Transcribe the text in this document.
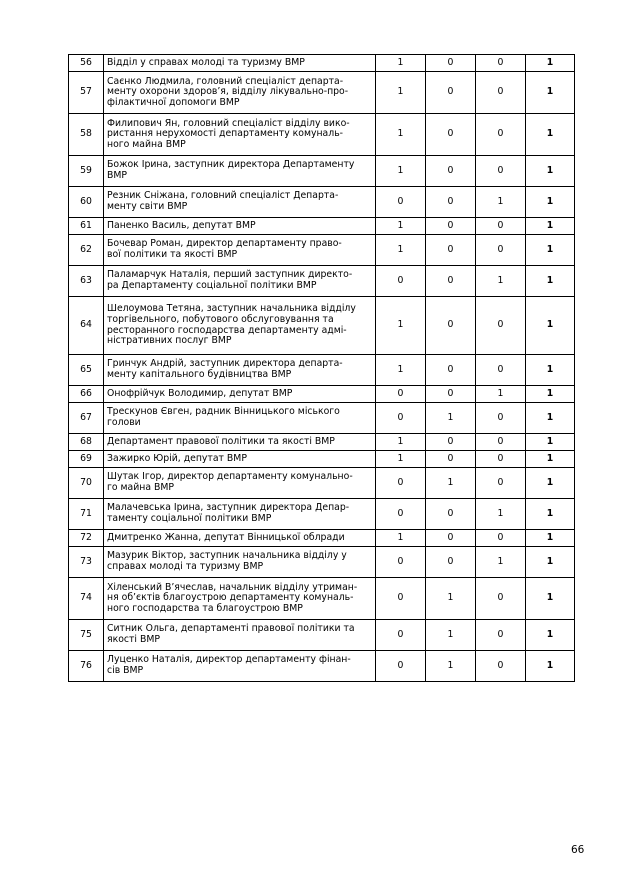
56	Відділ у справах молоді та туризму ВМР	1	0	0	1
57	Саєнко Людмила, головний спеціаліст департа-
менту охорони здоров’я, відділу лікувально-про-
філактичної допомоги ВМР	1	0	0	1
58	Филипович Ян, головний спеціаліст відділу вико-
ристання нерухомості департаменту комуналь-
ного майна ВМР	1	0	0	1
59	Божок Ірина, заступник директора Департаменту
ВМР	1	0	0	1
60	Резник Сніжана, головний спеціаліст Департа-
менту світи ВМР	0	0	1	1
61	Паненко Василь, депутат ВМР	1	0	0	1
62	Бочевар Роман, директор департаменту право-
вої політики та якості ВМР	1	0	0	1
63	Паламарчук Наталія, перший заступник директо-
ра Департаменту соціальної політики ВМР	0	0	1	1
64	Шелоумова Тетяна, заступник начальника відділу
торгівельного, побутового обслуговування та
ресторанного господарства департаменту адмі-
ністративних послуг ВМР	1	0	0	1
65	Гринчук Андрій, заступник директора департа-
менту капітального будівництва ВМР	1	0	0	1
66	Онофрійчук Володимир, депутат ВМР	0	0	1	1
67	Трескунов Євген, радник Вінницького міського
голови	0	1	0	1
68	Департамент правової політики та якості ВМР	1	0	0	1
69	Зажирко Юрій, депутат ВМР	1	0	0	1
70	Шутак Ігор, директор департаменту комунально-
го майна ВМР	0	1	0	1
71	Малачевська Ірина, заступник директора Депар-
таменту соціальної політики ВМР	0	0	1	1
72	Дмитренко Жанна, депутат Вінницької облради	1	0	0	1
73	Мазурик Віктор, заступник начальника відділу у
справах молоді та туризму ВМР	0	0	1	1
74	Хіленський В’ячеслав, начальник відділу утриман-
ня об’єктів благоустрою департаменту комуналь-
ного господарства та благоустрою ВМР	0	1	0	1
75	Ситник Ольга, департаменті правової політики та
якості ВМР	0	1	0	1
76	Луценко Наталія, директор департаменту фінан-
сів ВМР	0	1	0	1
66
